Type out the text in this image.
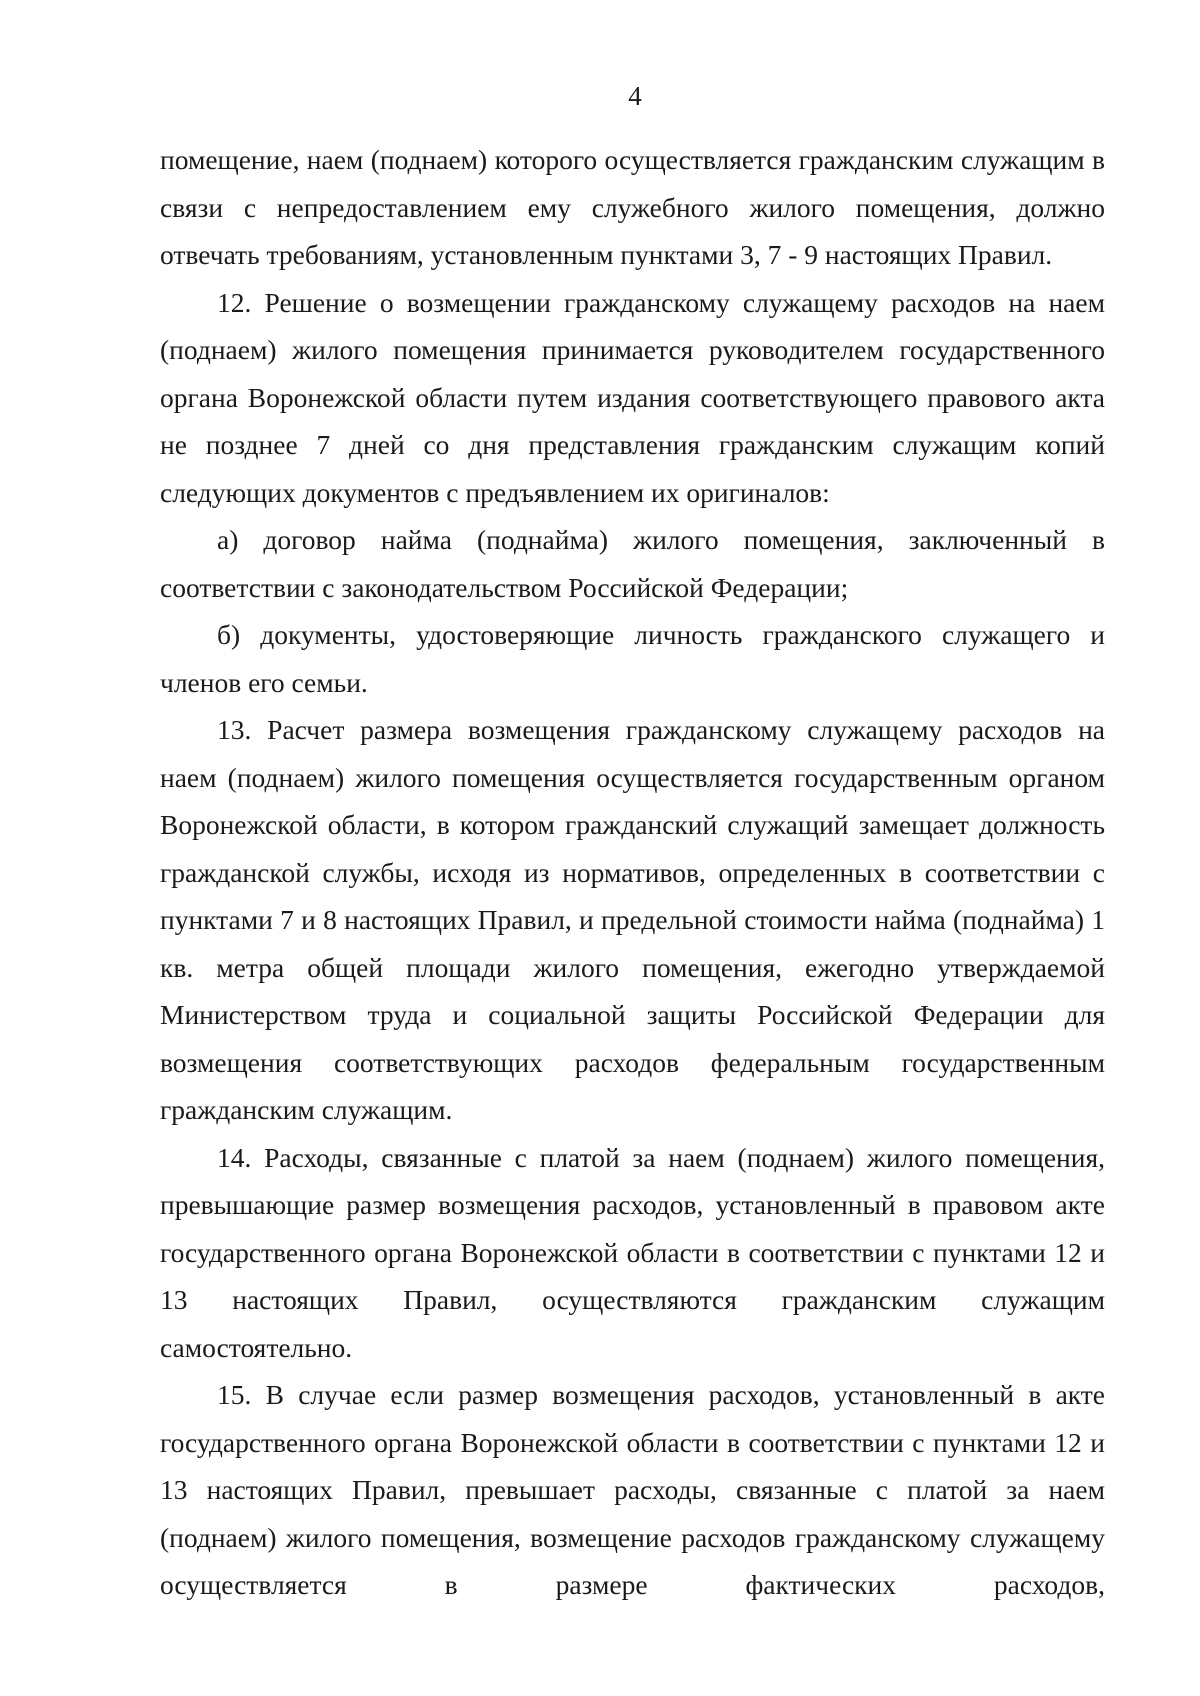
4

помещение, наем (поднаем) которого осуществляется гражданским служащим в связи с непредоставлением ему служебного жилого помещения, должно отвечать требованиям, установленным пунктами 3, 7 - 9 настоящих Правил.

12. Решение о возмещении гражданскому служащему расходов на наем (поднаем) жилого помещения принимается руководителем государственного органа Воронежской области путем издания соответствующего правового акта не позднее 7 дней со дня представления гражданским служащим копий следующих документов с предъявлением их оригиналов:

а) договор найма (поднайма) жилого помещения, заключенный в соответствии с законодательством Российской Федерации;

б) документы, удостоверяющие личность гражданского служащего и членов его семьи.

13. Расчет размера возмещения гражданскому служащему расходов на наем (поднаем) жилого помещения осуществляется государственным органом Воронежской области, в котором гражданский служащий замещает должность гражданской службы, исходя из нормативов, определенных в соответствии с пунктами 7 и 8 настоящих Правил, и предельной стоимости найма (поднайма) 1 кв. метра общей площади жилого помещения, ежегодно утверждаемой Министерством труда и социальной защиты Российской Федерации для возмещения соответствующих расходов федеральным государственным гражданским служащим.

14. Расходы, связанные с платой за наем (поднаем) жилого помещения, превышающие размер возмещения расходов, установленный в правовом акте государственного органа Воронежской области в соответствии с пунктами 12 и 13 настоящих Правил, осуществляются гражданским служащим самостоятельно.

15. В случае если размер возмещения расходов, установленный в акте государственного органа Воронежской области в соответствии с пунктами 12 и 13 настоящих Правил, превышает расходы, связанные с платой за наем (поднаем) жилого помещения, возмещение расходов гражданскому служащему осуществляется в размере фактических расходов,
